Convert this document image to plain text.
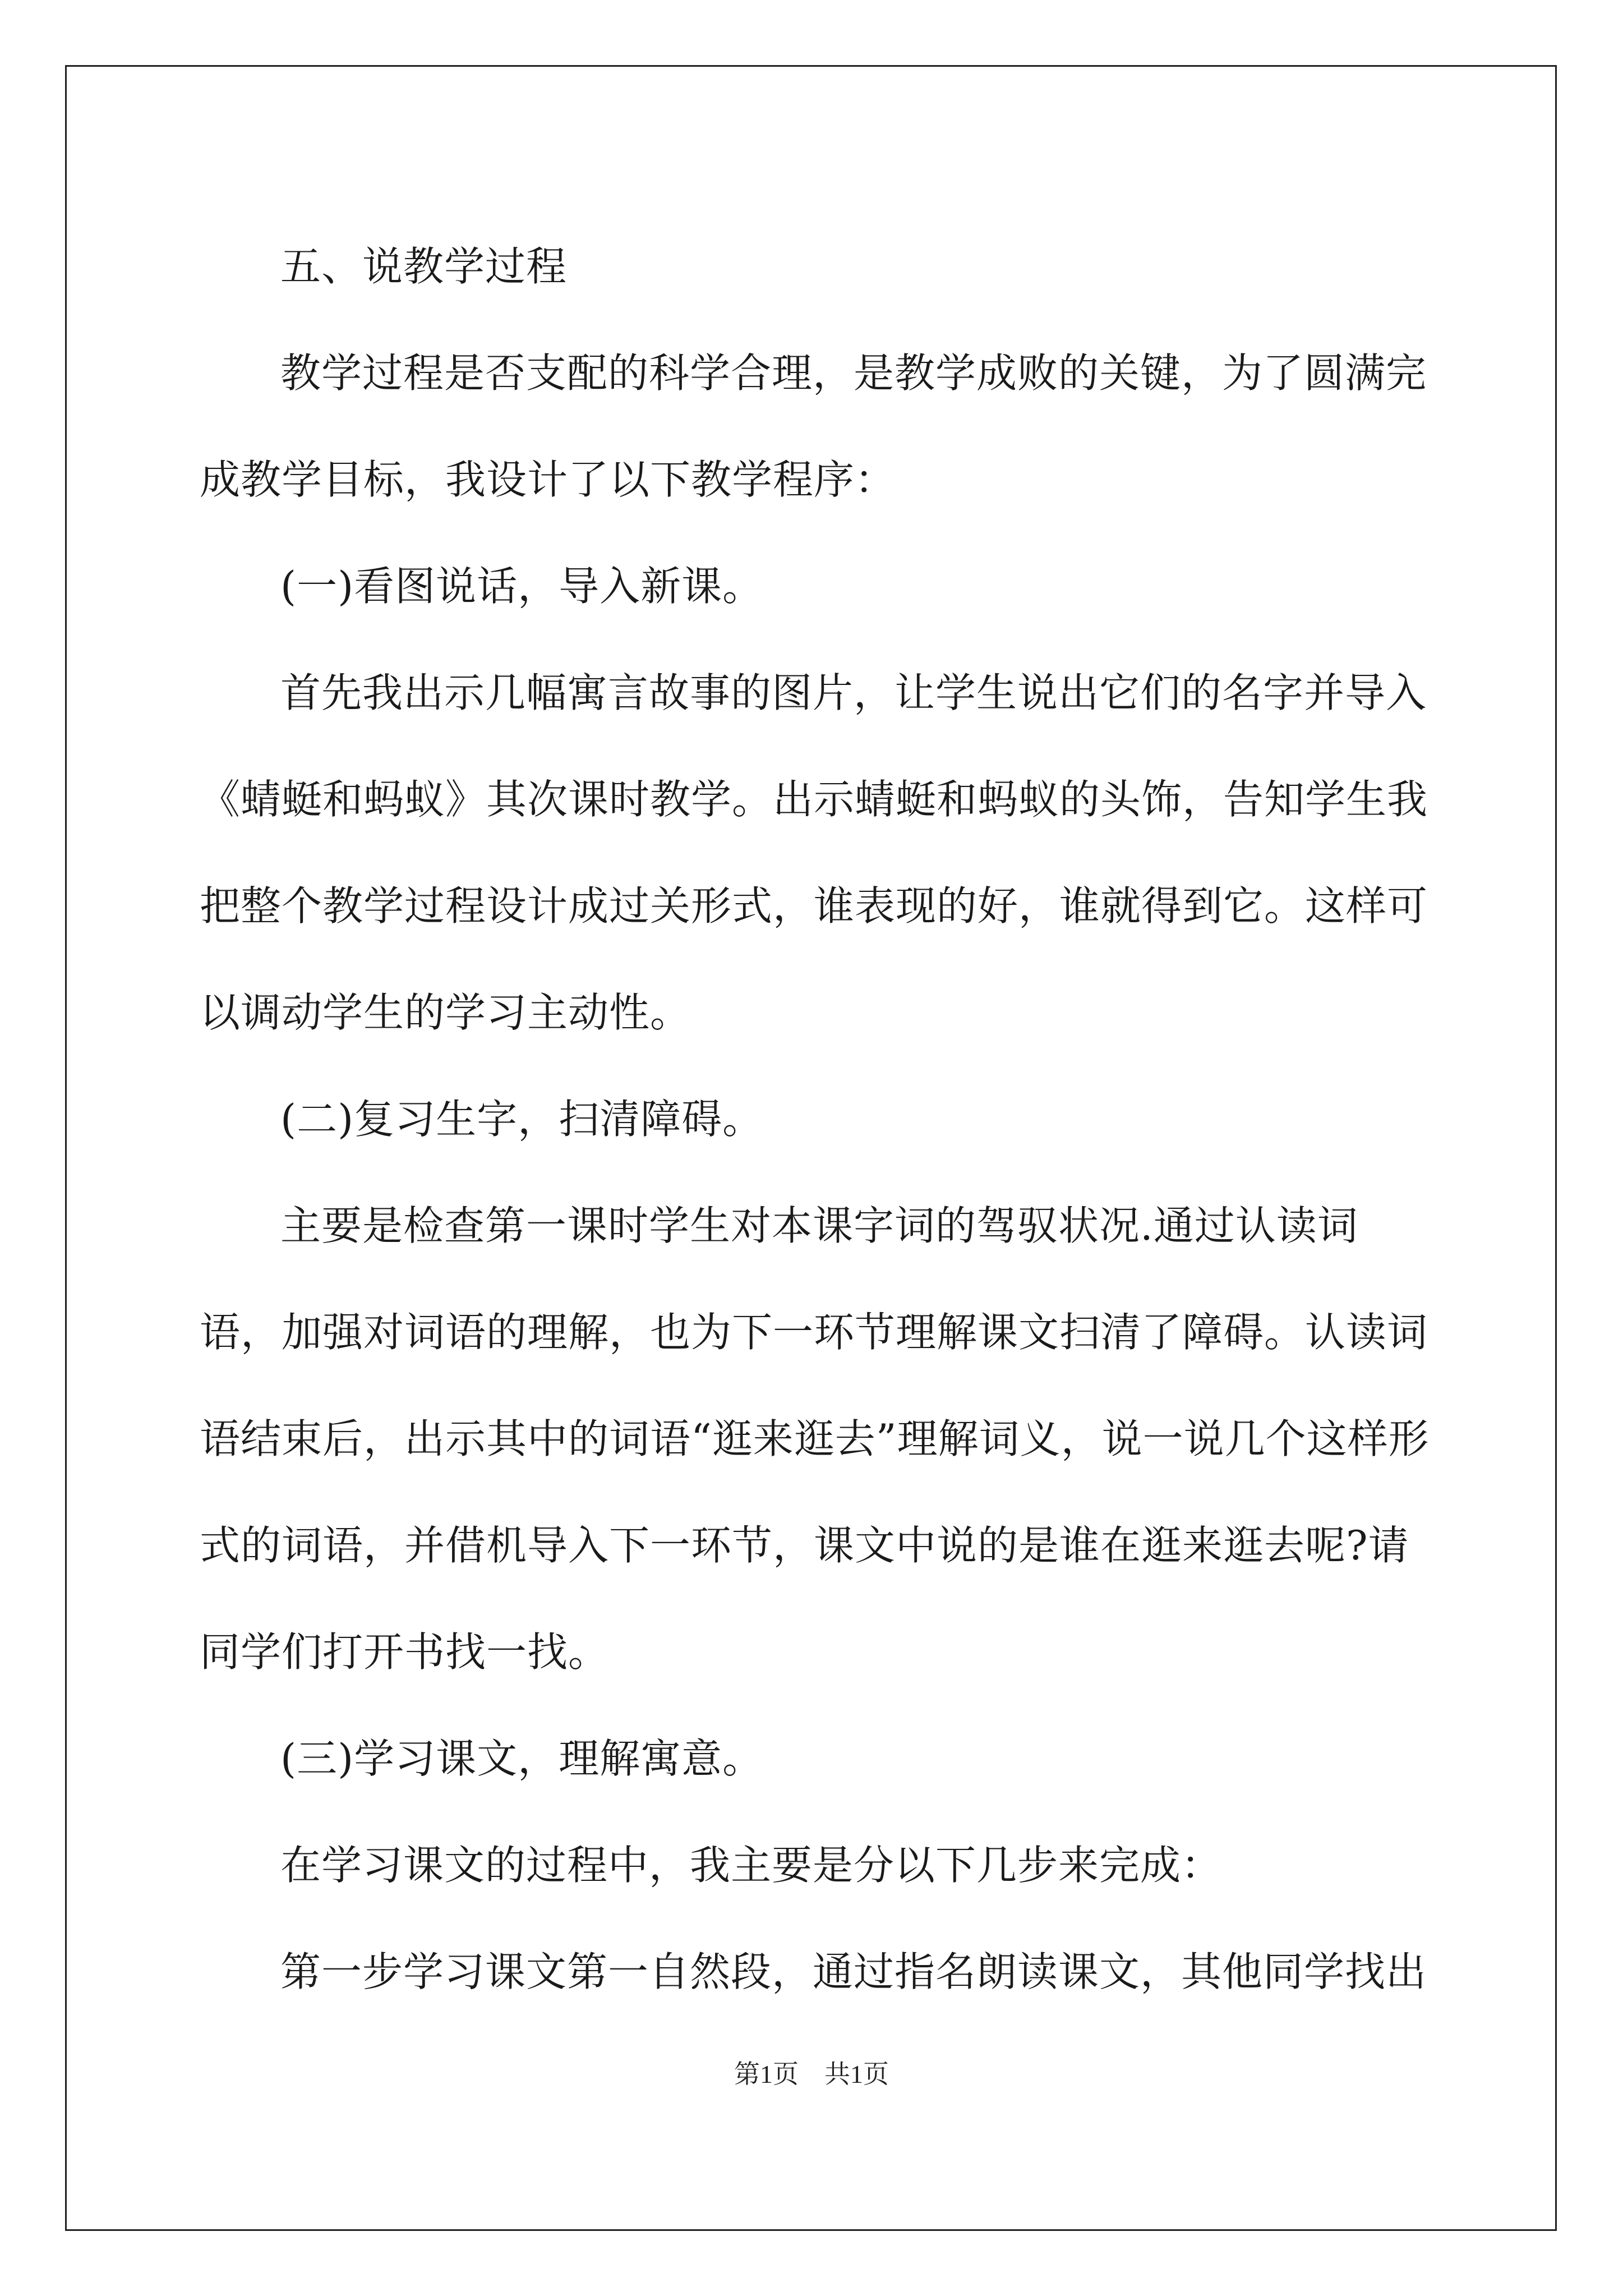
五、说教学过程

教学过程是否支配的科学合理，是教学成败的关键，为了圆满完成教学目标，我设计了以下教学程序：

(一)看图说话，导入新课。

首先我出示几幅寓言故事的图片，让学生说出它们的名字并导入《蜻蜓和蚂蚁》其次课时教学。出示蜻蜓和蚂蚁的头饰，告知学生我把整个教学过程设计成过关形式，谁表现的好，谁就得到它。这样可以调动学生的学习主动性。

(二)复习生字，扫清障碍。

主要是检查第一课时学生对本课字词的驾驭状况.通过认读词语，加强对词语的理解，也为下一环节理解课文扫清了障碍。认读词语结束后，出示其中的词语“逛来逛去”理解词义，说一说几个这样形式的词语，并借机导入下一环节，课文中说的是谁在逛来逛去呢?请同学们打开书找一找。

(三)学习课文，理解寓意。

在学习课文的过程中，我主要是分以下几步来完成：

第一步学习课文第一自然段，通过指名朗读课文，其他同学找出

第1页　共1页
